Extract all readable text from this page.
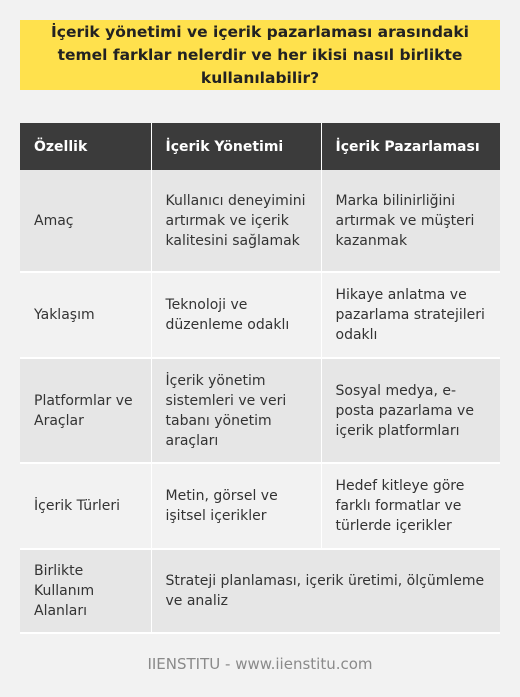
İçerik yönetimi ve içerik pazarlaması arasındaki temel farklar nelerdir ve her ikisi nasıl birlikte kullanılabilir?

Özellik	İçerik Yönetimi	İçerik Pazarlaması
Amaç	Kullanıcı deneyimini artırmak ve içerik kalitesini sağlamak	Marka bilinirliğini artırmak ve müşteri kazanmak
Yaklaşım	Teknoloji ve düzenleme odaklı	Hikaye anlatma ve pazarlama stratejileri odaklı
Platformlar ve Araçlar	İçerik yönetim sistemleri ve veri tabanı yönetim araçları	Sosyal medya, e-posta pazarlama ve içerik platformları
İçerik Türleri	Metin, görsel ve işitsel içerikler	Hedef kitleye göre farklı formatlar ve türlerde içerikler
Birlikte Kullanım Alanları	Strateji planlaması, içerik üretimi, ölçümleme ve analiz	
IIENSTITU - www.iienstitu.com
